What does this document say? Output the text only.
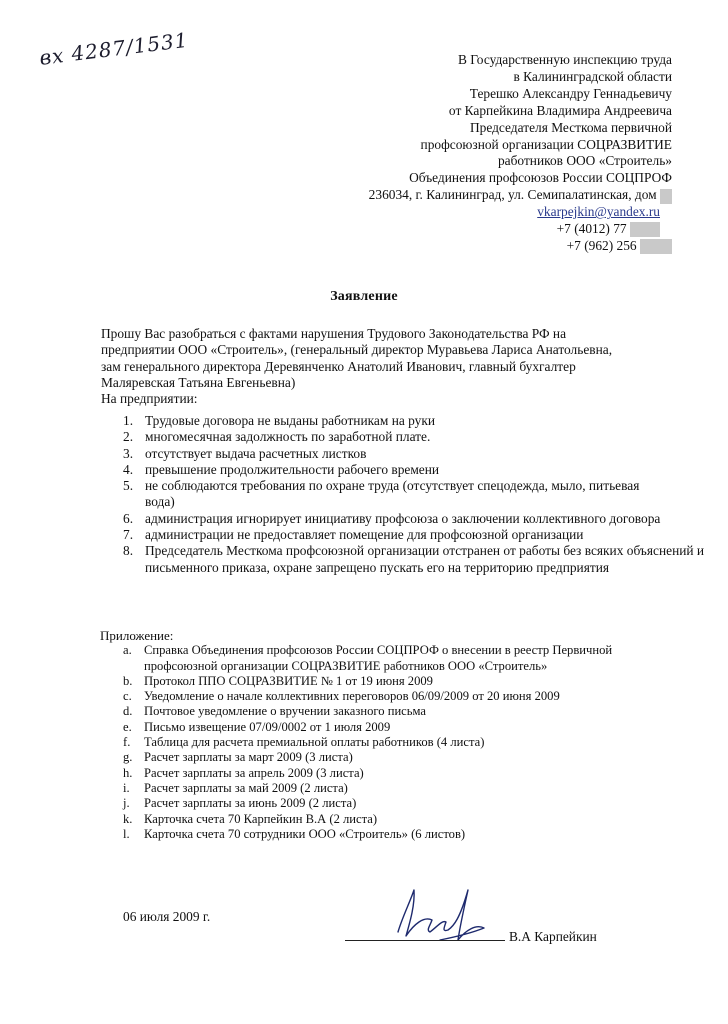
вх 4287/1531	В Государственную инспекцию труда
в Калининградской области
Терешко Александру Геннадьевичу
от Карпейкина Владимира Андреевича
Председателя Месткома первичной
профсоюзной организации СОЦРАЗВИТИЕ
работников ООО «Строитель»
Объединения профсоюзов России СОЦПРОФ
236034, г. Калининград, ул. Семипалатинская, дом
vkarpejkin@yandex.ru
+7 (4012) 77
+7 (962) 256
Заявление
Прошу Вас разобраться с фактами нарушения Трудового Законодательства РФ на
предприятии ООО «Строитель», (генеральный директор Муравьева Лариса Анатольевна,
зам генерального директора Деревянченко Анатолий Иванович, главный бухгалтер
Маляревская Татьяна Евгеньевна)
На предприятии:
1. Трудовые договора не выданы работникам на руки
2. многомесячная задолжность по заработной плате.
3. отсутствует выдача расчетных листков
4. превышение продолжительности рабочего времени
5. не соблюдаются требования по охране труда (отсутствует спецодежда, мыло, питьевая вода)
6. администрация игнорирует инициативу профсоюза о заключении коллективного договора
7. администрации не предоставляет помещение для профсоюзной организации
8. Председатель Месткома профсоюзной организации отстранен от работы без всяких объяснений и письменного приказа, охране запрещено пускать его на территорию предприятия
Приложение:
a. Справка Объединения профсоюзов России СОЦПРОФ о внесении в реестр Первичной профсоюзной организации СОЦРАЗВИТИЕ работников ООО «Строитель»
b. Протокол ППО СОЦРАЗВИТИЕ № 1 от 19 июня 2009
c. Уведомление о начале коллективних переговоров 06/09/2009 от 20 июня 2009
d. Почтовое уведомление о вручении заказного письма
e. Письмо извещение 07/09/0002 от 1 июля 2009
f. Таблица для расчета премиальной оплаты работников (4 листа)
g. Расчет зарплаты за март 2009 (3 листа)
h. Расчет зарплаты за апрель 2009 (3 листа)
i. Расчет зарплаты за май 2009 (2 листа)
j. Расчет зарплаты за июнь 2009 (2 листа)
k. Карточка счета 70 Карпейкин В.А (2 листа)
l. Карточка счета 70 сотрудники ООО «Строитель» (6 листов)
06 июля 2009 г.
В.А Карпейкин
